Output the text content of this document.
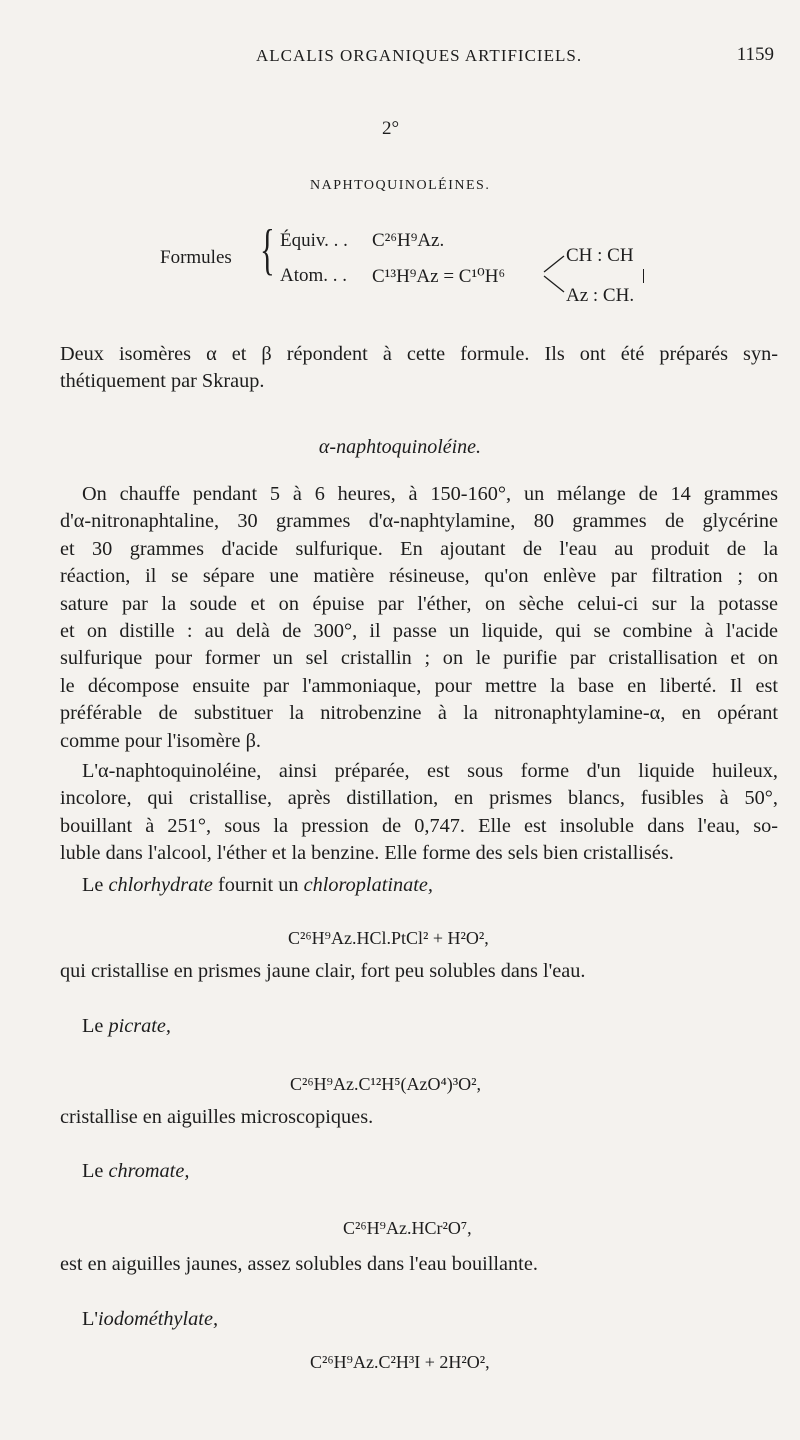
ALCALIS ORGANIQUES ARTIFICIELS.	1159
2°
NAPHTOQUINOLÉINES.
Formules { Équiv. . . C²⁶H⁹Az.
Atom. . . C¹³H⁹Az = C¹⁰H⁶
CH : CH
Az : CH.
Deux isomères α et β répondent à cette formule. Ils ont été préparés syn-
thétiquement par Skraup.
α-naphtoquinoléine.
On chauffe pendant 5 à 6 heures, à 150-160°, un mélange de 14 grammes
d'α-nitronaphtaline, 30 grammes d'α-naphtylamine, 80 grammes de glycérine
et 30 grammes d'acide sulfurique. En ajoutant de l'eau au produit de la
réaction, il se sépare une matière résineuse, qu'on enlève par filtration ; on
sature par la soude et on épuise par l'éther, on sèche celui-ci sur la potasse
et on distille : au delà de 300°, il passe un liquide, qui se combine à l'acide
sulfurique pour former un sel cristallin ; on le purifie par cristallisation et on
le décompose ensuite par l'ammoniaque, pour mettre la base en liberté. Il est
préférable de substituer la nitrobenzine à la nitronaphtylamine-α, en opérant
comme pour l'isomère β.
L'α-naphtoquinoléine, ainsi préparée, est sous forme d'un liquide huileux,
incolore, qui cristallise, après distillation, en prismes blancs, fusibles à 50°,
bouillant à 251°, sous la pression de 0,747. Elle est insoluble dans l'eau, so-
luble dans l'alcool, l'éther et la benzine. Elle forme des sels bien cristallisés.
Le chlorhydrate fournit un chloroplatinate,
C²⁶H⁹Az.HCl.PtCl² + H²O²,
qui cristallise en prismes jaune clair, fort peu solubles dans l'eau.
Le picrate,
C²⁶H⁹Az.C¹²H⁵(AzO⁴)³O²,
cristallise en aiguilles microscopiques.
Le chromate,
C²⁶H⁹Az.HCr²O⁷,
est en aiguilles jaunes, assez solubles dans l'eau bouillante.
L'iodométhylate,
C²⁶H⁹Az.C²H³I + 2H²O²,
